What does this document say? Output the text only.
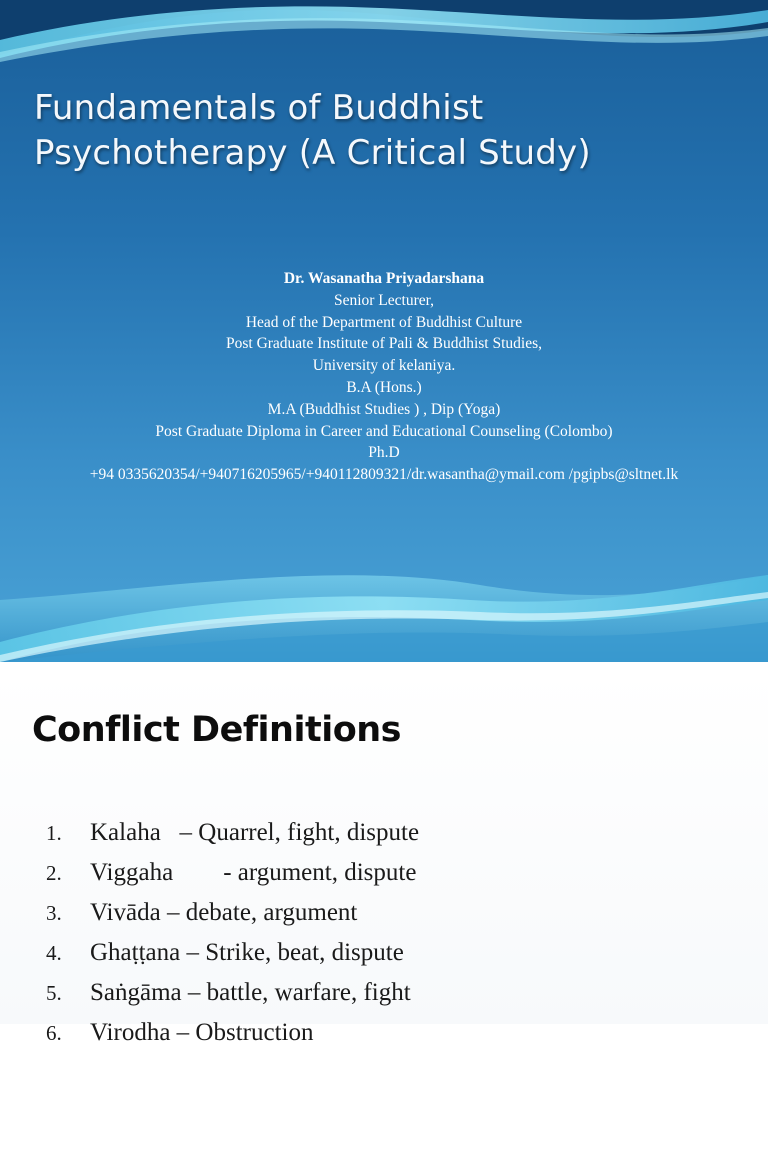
Fundamentals of Buddhist
Psychotherapy (A Critical Study)
Dr. Wasanatha Priyadarshana
Senior Lecturer,
Head of the Department of Buddhist Culture
Post Graduate Institute of Pali & Buddhist Studies,
University of kelaniya.
B.A (Hons.)
M.A (Buddhist Studies ) , Dip (Yoga)
Post Graduate Diploma in Career and Educational Counseling (Colombo)
Ph.D
+94 0335620354/+940716205965/+940112809321/dr.wasantha@ymail.com /pgipbs@sltnet.lk
Conflict Definitions

1.

Kalaha   – Quarrel, fight, dispute

2.

Viggaha        - argument, dispute

3.

Vivāda – debate, argument

4.

Ghaṭṭana – Strike, beat, dispute

5.

Saṅgāma – battle, warfare, fight

6.

Virodha – Obstruction
